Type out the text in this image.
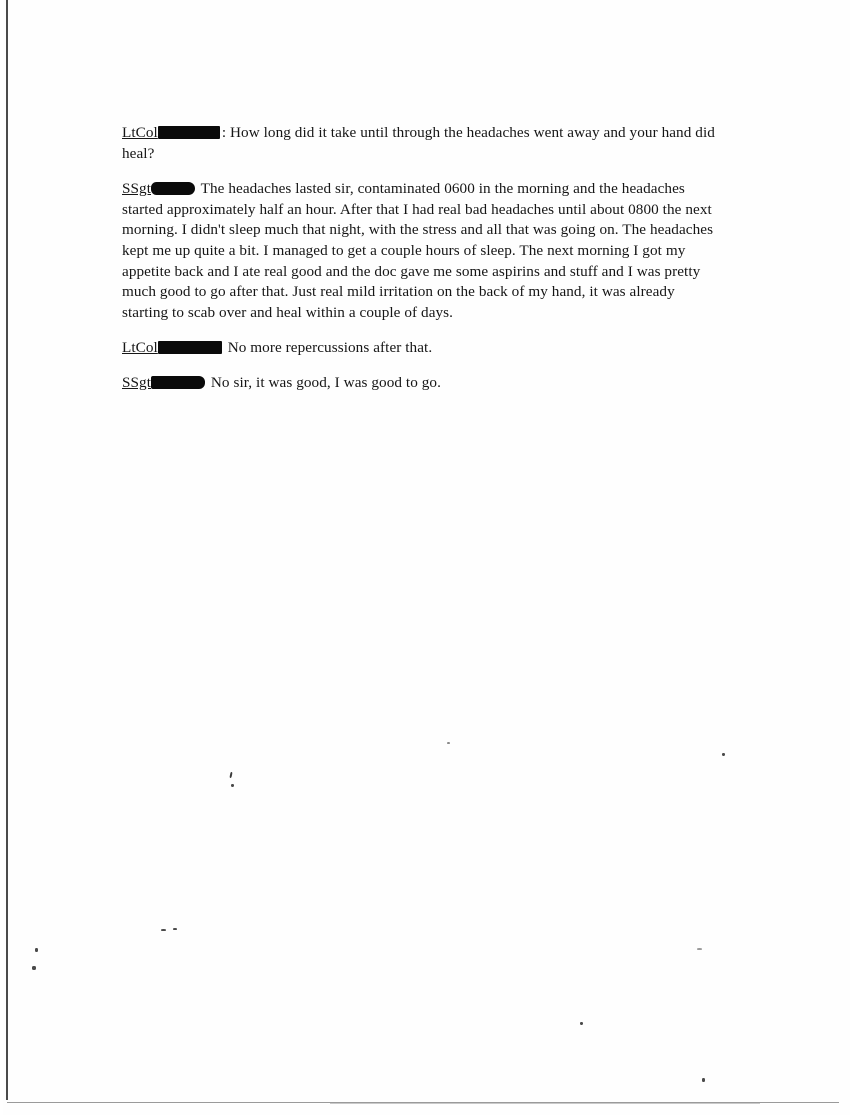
LtCol	: How long did it take until through the headaches went away and your hand did heal?

SSgt	The headaches lasted sir, contaminated 0600 in the morning and the headaches started approximately half an hour. After that I had real bad headaches until about 0800 the next morning. I didn't sleep much that night, with the stress and all that was going on. The headaches kept me up quite a bit. I managed to get a couple hours of sleep. The next morning I got my appetite back and I ate real good and the doc gave me some aspirins and stuff and I was pretty much good to go after that. Just real mild irritation on the back of my hand, it was already starting to scab over and heal within a couple of days.

LtCol	No more repercussions after that.

SSgt	No sir, it was good, I was good to go.
